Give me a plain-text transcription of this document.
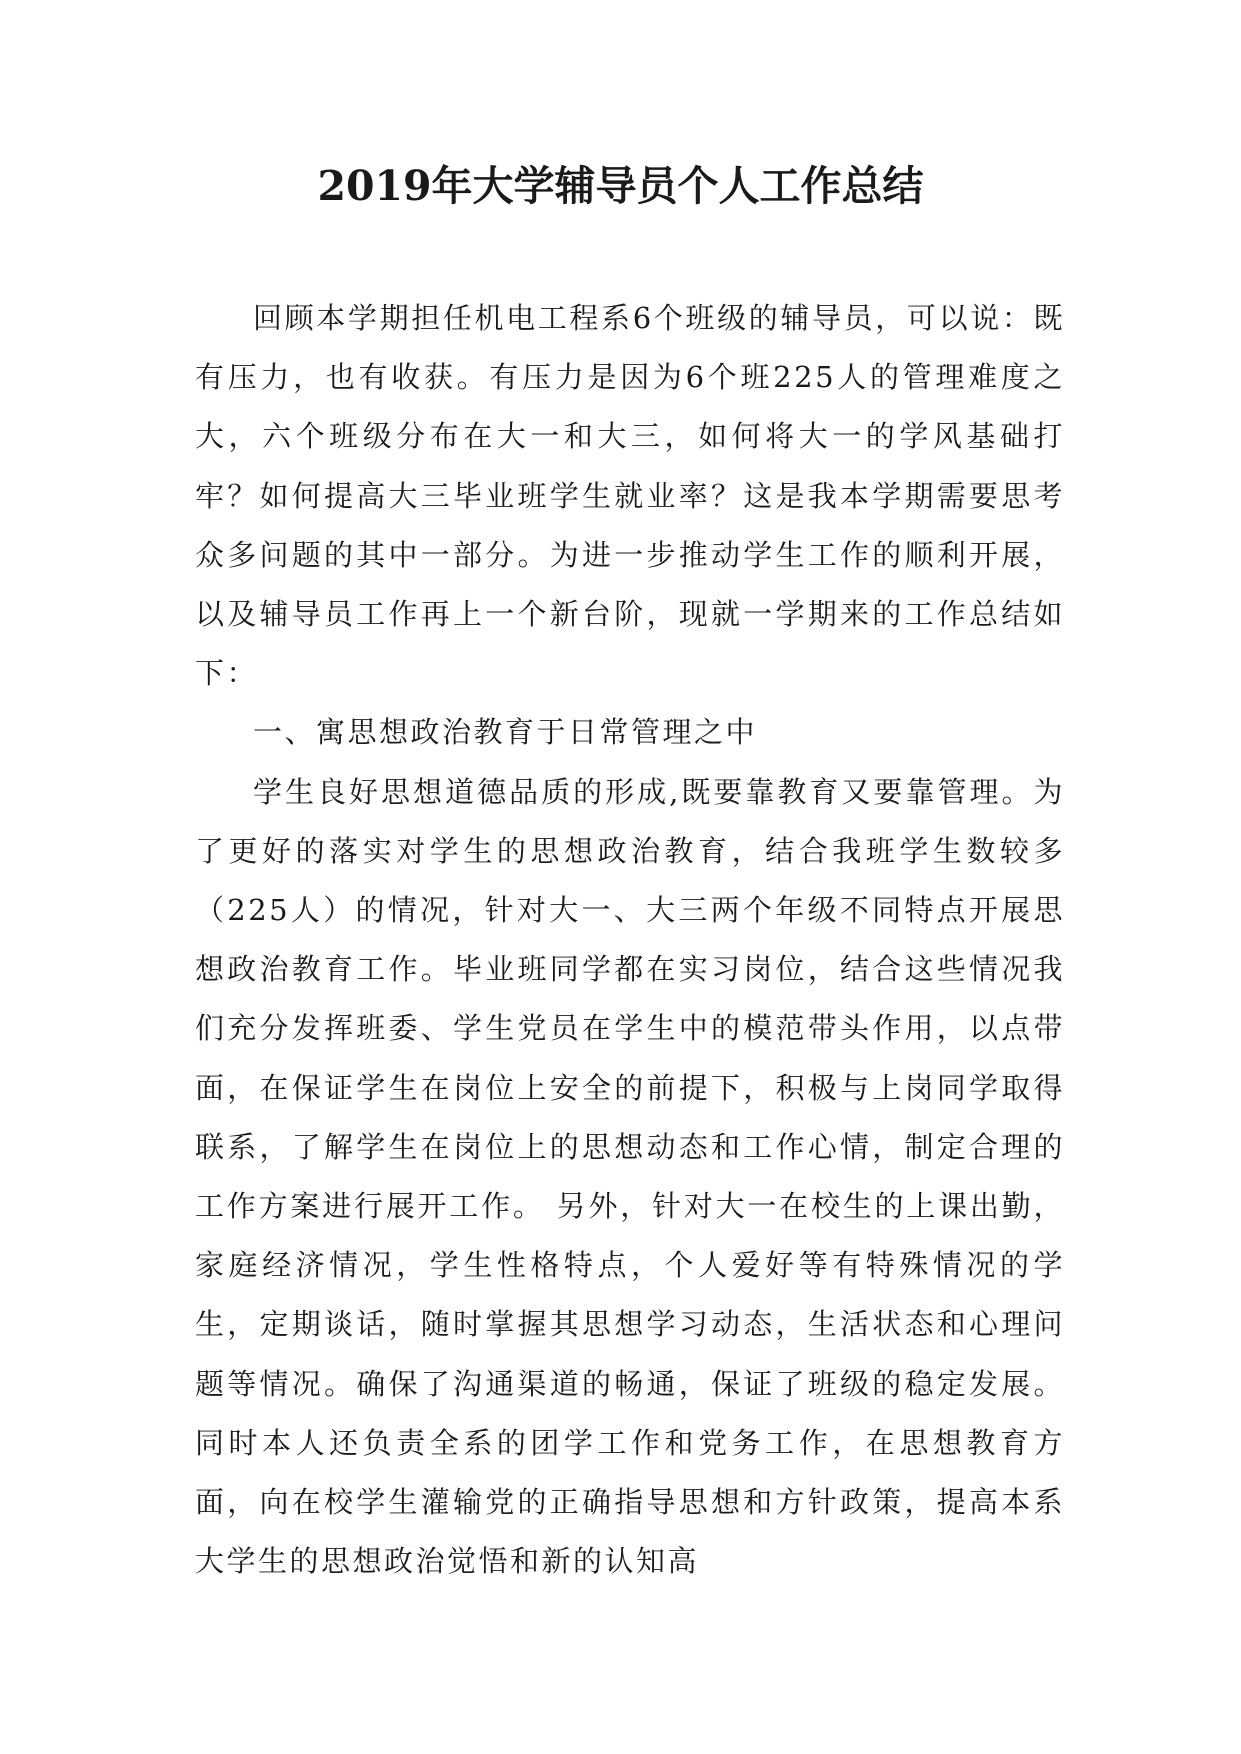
2019年大学辅导员个人工作总结

回顾本学期担任机电工程系6个班级的辅导员，可以说：既有压力，也有收获。有压力是因为6个班225人的管理难度之大，六个班级分布在大一和大三，如何将大一的学风基础打牢？如何提高大三毕业班学生就业率？这是我本学期需要思考众多问题的其中一部分。为进一步推动学生工作的顺利开展，以及辅导员工作再上一个新台阶，现就一学期来的工作总结如下：

一、寓思想政治教育于日常管理之中

学生良好思想道德品质的形成,既要靠教育又要靠管理。为了更好的落实对学生的思想政治教育，结合我班学生数较多（225人）的情况，针对大一、大三两个年级不同特点开展思想政治教育工作。毕业班同学都在实习岗位，结合这些情况我们充分发挥班委、学生党员在学生中的模范带头作用，以点带面，在保证学生在岗位上安全的前提下，积极与上岗同学取得联系，了解学生在岗位上的思想动态和工作心情，制定合理的工作方案进行展开工作。 另外，针对大一在校生的上课出勤，家庭经济情况，学生性格特点，个人爱好等有特殊情况的学生，定期谈话，随时掌握其思想学习动态，生活状态和心理问题等情况。确保了沟通渠道的畅通，保证了班级的稳定发展。同时本人还负责全系的团学工作和党务工作，在思想教育方面，向在校学生灌输党的正确指导思想和方针政策，提高本系大学生的思想政治觉悟和新的认知高
